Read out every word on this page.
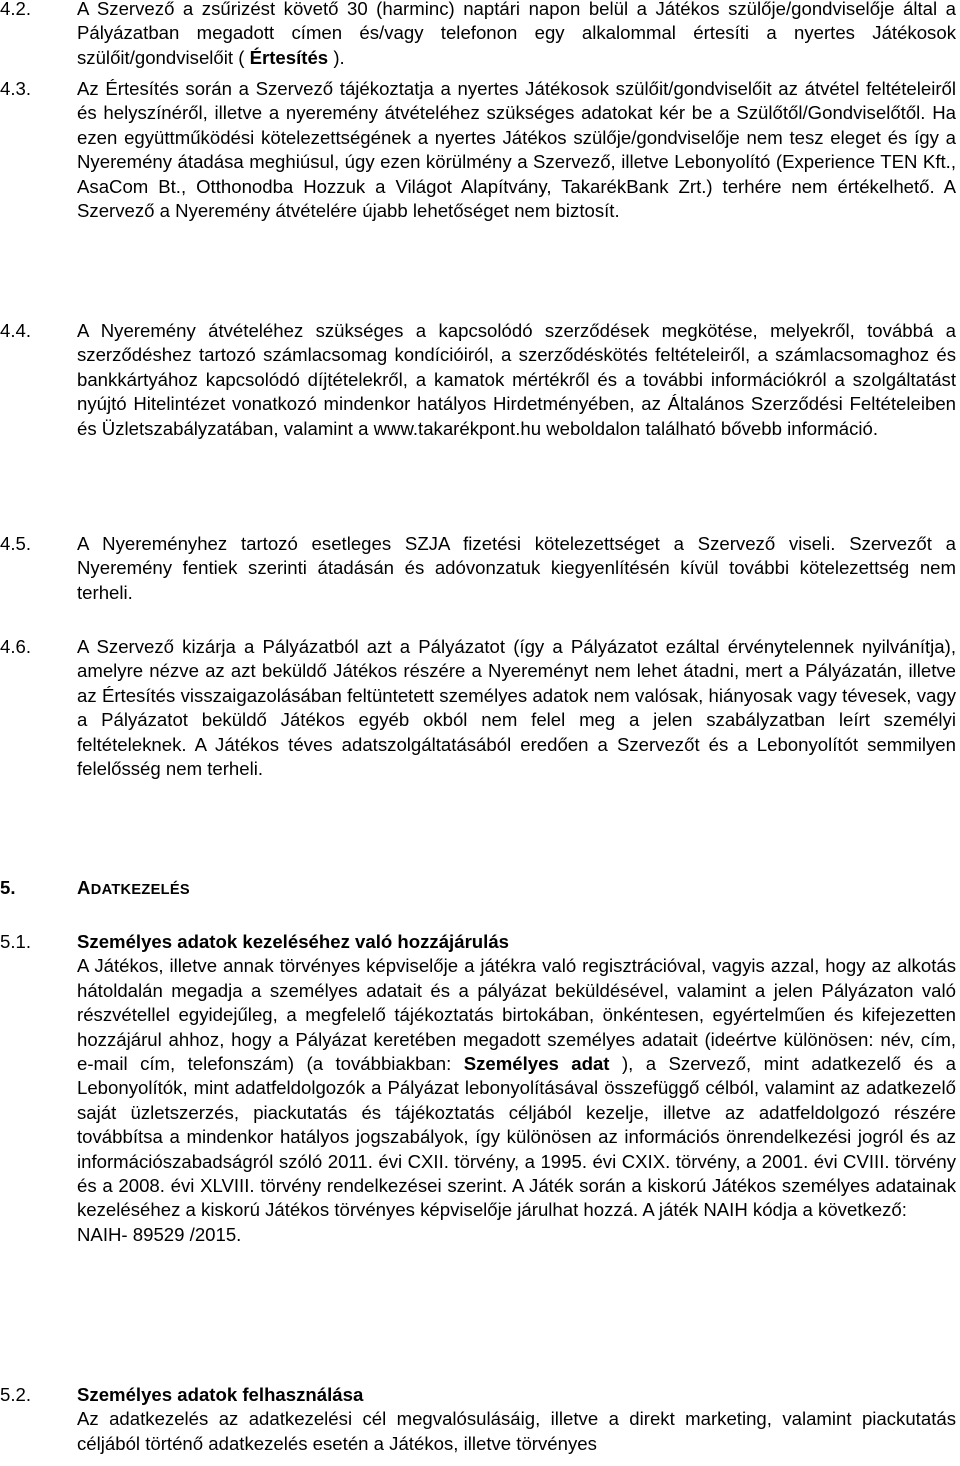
4.2.	A Szervező a zsűrizést követő 30 (harminc) naptári napon belül a Játékos szülője/gondviselője által a Pályázatban megadott címen és/vagy telefonon egy alkalommal értesíti a nyertes Játékosok szülőit/gondviselőit ( Értesítés ).
4.3.	Az Értesítés során a Szervező tájékoztatja a nyertes Játékosok szülőit/gondviselőit az átvétel feltételeiről és helyszínéről, illetve a nyeremény átvételéhez szükséges adatokat kér be a Szülőtől/Gondviselőtől. Ha ezen együttműködési kötelezettségének a nyertes Játékos szülője/gondviselője nem tesz eleget és így a Nyeremény átadása meghiúsul, úgy ezen körülmény a Szervező, illetve Lebonyolító (Experience TEN Kft., AsaCom Bt., Otthonodba Hozzuk a Világot Alapítvány, TakarékBank Zrt.) terhére nem értékelhető. A Szervező a Nyeremény átvételére újabb lehetőséget nem biztosít.
4.4.	A Nyeremény átvételéhez szükséges a kapcsolódó szerződések megkötése, melyekről, továbbá a szerződéshez tartozó számlacsomag kondícióiról, a szerződéskötés feltételeiről, a számlacsomaghoz és bankkártyához kapcsolódó díjtételekről, a kamatok mértékről és a további információkról a szolgáltatást nyújtó Hitelintézet vonatkozó mindenkor hatályos Hirdetményében, az Általános Szerződési Feltételeiben és Üzletszabályzatában, valamint a www.takarékpont.hu weboldalon található bővebb információ.
4.5.	A Nyereményhez tartozó esetleges SZJA fizetési kötelezettséget a Szervező viseli. Szervezőt a Nyeremény fentiek szerinti átadásán és adóvonzatuk kiegyenlítésén kívül további kötelezettség nem terheli.
4.6.	A Szervező kizárja a Pályázatból azt a Pályázatot (így a Pályázatot ezáltal érvénytelennek nyilvánítja), amelyre nézve az azt beküldő Játékos részére a Nyereményt nem lehet átadni, mert a Pályázatán, illetve az Értesítés visszaigazolásában feltüntetett személyes adatok nem valósak, hiányosak vagy tévesek, vagy a Pályázatot beküldő Játékos egyéb okból nem felel meg a jelen szabályzatban leírt személyi feltételeknek. A Játékos téves adatszolgáltatásából eredően a Szervezőt és a Lebonyolítót semmilyen felelősség nem terheli.
5.	ADATKEZELÉS
5.1.	Személyes adatok kezeléséhez való hozzájárulás
A Játékos, illetve annak törvényes képviselője a játékra való regisztrációval, vagyis azzal, hogy az alkotás hátoldalán megadja a személyes adatait és a pályázat beküldésével, valamint a jelen Pályázaton való részvétellel egyidejűleg, a megfelelő tájékoztatás birtokában, önkéntesen, egyértelműen és kifejezetten hozzájárul ahhoz, hogy a Pályázat keretében megadott személyes adatait (ideértve különösen: név, cím, e-mail cím, telefonszám) (a továbbiakban: Személyes adat ), a Szervező, mint adatkezelő és a Lebonyolítók, mint adatfeldolgozók a Pályázat lebonyolításával összefüggő célból, valamint az adatkezelő saját üzletszerzés, piackutatás és tájékoztatás céljából kezelje, illetve az adatfeldolgozó részére továbbítsa a mindenkor hatályos jogszabályok, így különösen az információs önrendelkezési jogról és az információszabadságról szóló 2011. évi CXII. törvény, a 1995. évi CXIX. törvény, a 2001. évi CVIII. törvény és a 2008. évi XLVIII. törvény rendelkezései szerint. A Játék során a kiskorú Játékos személyes adatainak kezeléséhez a kiskorú Játékos törvényes képviselője járulhat hozzá. A játék NAIH kódja a következő:
NAIH- 89529 /2015.
5.2.	Személyes adatok felhasználása
Az adatkezelés az adatkezelési cél megvalósulásáig, illetve a direkt marketing, valamint piackutatás céljából történő adatkezelés esetén a Játékos, illetve törvényes
